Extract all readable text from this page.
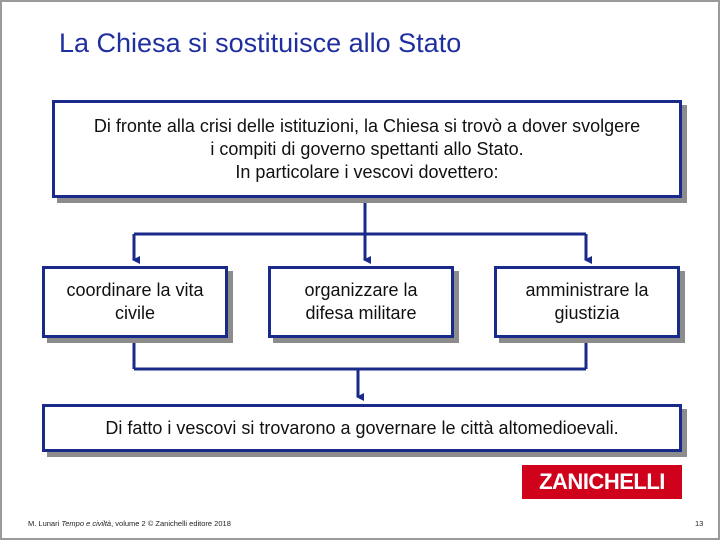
La Chiesa si sostituisce allo Stato
Di fronte alla crisi delle istituzioni, la Chiesa si trovò a dover svolgere
i compiti di governo spettanti allo Stato.
In particolare i vescovi dovettero:
coordinare la vita
civile
organizzare la
difesa militare
amministrare la
giustizia
Di fatto i vescovi si trovarono a governare le città altomedioevali.
ZANICHELLI
M. Lunari Tempo e civiltà, volume 2 © Zanichelli editore 2018	13
